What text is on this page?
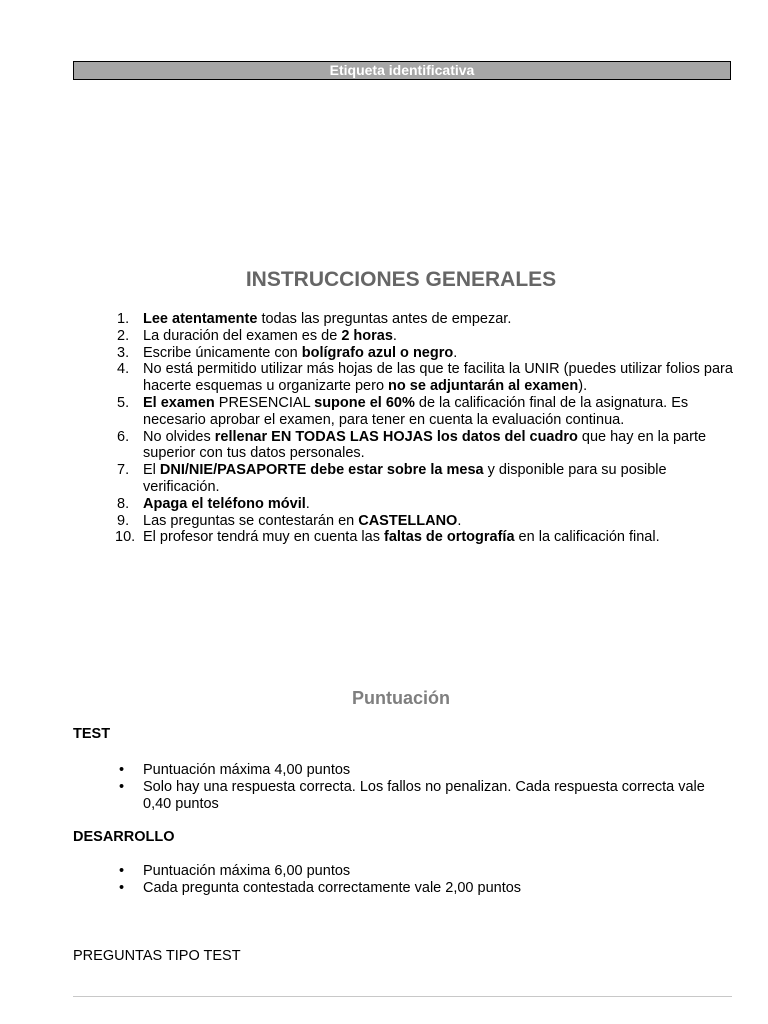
Etiqueta identificativa
INSTRUCCIONES GENERALES
1. Lee atentamente todas las preguntas antes de empezar.
2. La duración del examen es de 2 horas.
3. Escribe únicamente con bolígrafo azul o negro.
4. No está permitido utilizar más hojas de las que te facilita la UNIR (puedes utilizar folios para hacerte esquemas u organizarte pero no se adjuntarán al examen).
5. El examen PRESENCIAL supone el 60% de la calificación final de la asignatura. Es necesario aprobar el examen, para tener en cuenta la evaluación continua.
6. No olvides rellenar EN TODAS LAS HOJAS los datos del cuadro que hay en la parte superior con tus datos personales.
7. El DNI/NIE/PASAPORTE debe estar sobre la mesa y disponible para su posible verificación.
8. Apaga el teléfono móvil.
9. Las preguntas se contestarán en CASTELLANO.
10. El profesor tendrá muy en cuenta las faltas de ortografía en la calificación final.
Puntuación
TEST
• Puntuación máxima 4,00 puntos
• Solo hay una respuesta correcta. Los fallos no penalizan. Cada respuesta correcta vale 0,40 puntos
DESARROLLO
• Puntuación máxima 6,00 puntos
• Cada pregunta contestada correctamente vale 2,00 puntos
PREGUNTAS TIPO TEST
